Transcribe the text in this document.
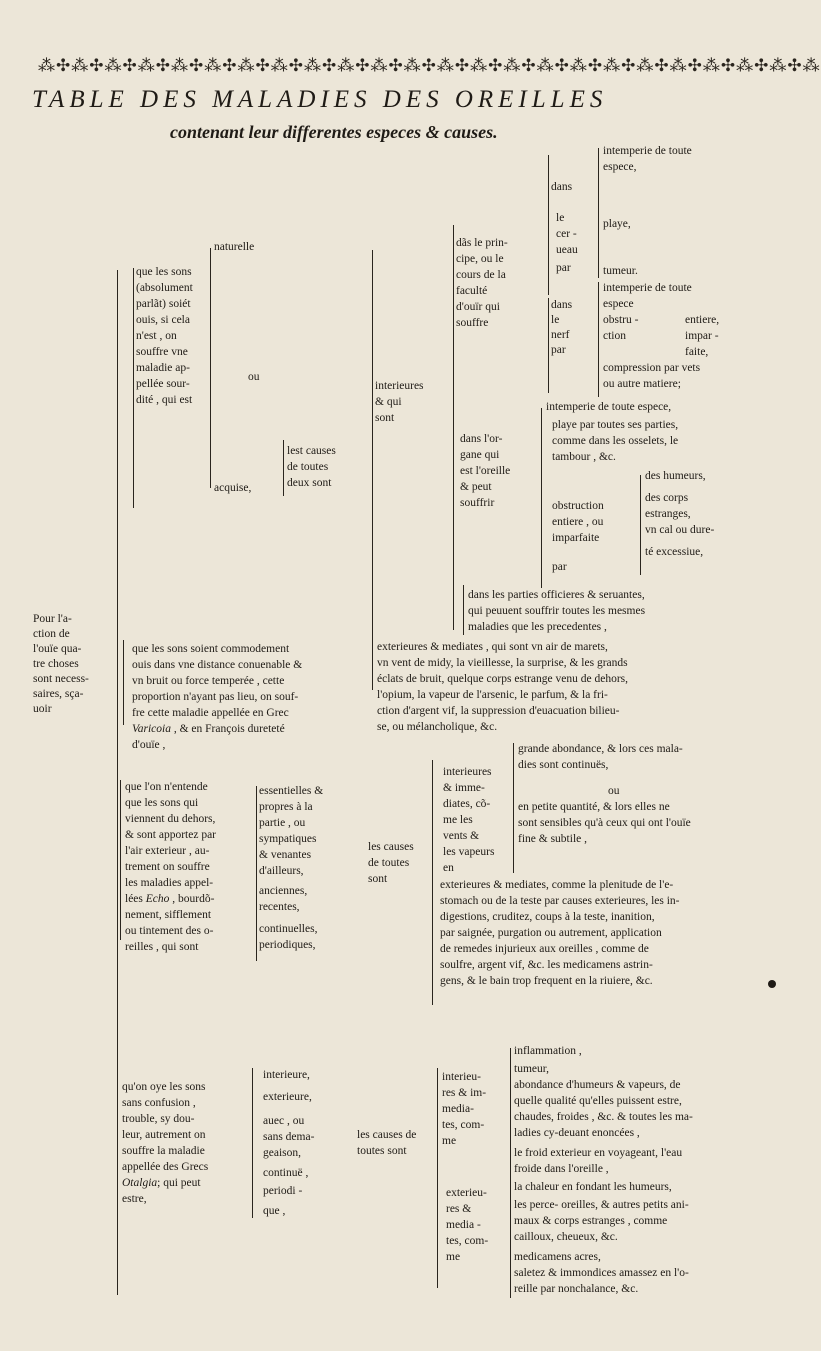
⁂✣⁂✣⁂✣⁂✣⁂✣⁂✣⁂✣⁂✣⁂✣⁂✣⁂✣⁂✣⁂✣⁂✣⁂✣⁂✣⁂✣⁂✣⁂✣⁂✣⁂✣⁂✣⁂✣⁂
TABLE DES MALADIES DES OREILLES
contenant leur differentes especes & causes.
Pour l'a-
ction de
l'ouïe qua-
tre choses
sont necess-
saires, sça-
uoir
que les sons
(absolument
parlãt) soiét
ouis, si cela
n'est , on
souffre vne
maladie ap-
pellée sour-
dité , qui est
naturelle
ou
acquise,
lest causes
de toutes
deux sont
interieures
& qui
sont
dãs le prin-
cipe, ou le
cours de la
faculté
d'ouïr qui
souffre
dans
le
cer -
ueau
par
intemperie de toute
espece,
playe,
tumeur.
dans
le
nerf
par
intemperie de toute
espece
obstru -
ction
entiere,
impar -
faite,
compression par vets
ou autre matiere;
dans l'or-
gane qui
est l'oreille
& peut
souffrir
intemperie de toute espece,
playe par toutes ses parties,
comme dans les osselets, le
tambour , &c.
obstruction
entiere , ou
imparfaite
par
des humeurs,
des corps
estranges,
vn cal ou dure-
té excessiue,
dans les parties officieres & seruantes,
qui peuuent souffrir toutes les mesmes
maladies que les precedentes ,
exterieures & mediates , qui sont vn air de marets,
vn vent de midy, la vieillesse, la surprise, & les grands
éclats de bruit, quelque corps estrange venu de dehors,
l'opium, la vapeur de l'arsenic, le parfum, & la fri-
ction d'argent vif, la suppression d'euacuation bilieu-
se, ou mélancholique, &c.
que les sons soient commodement
ouis dans vne distance conuenable &
vn bruit ou force temperée , cette
proportion n'ayant pas lieu, on souf-
fre cette maladie appellée en Grec
Varicoia , & en François dureteté
d'ouïe ,
que l'on n'entende
que les sons qui
viennent du dehors,
& sont apportez par
l'air exterieur , au-
trement on souffre
les maladies appel-
lées Echo , bourdõ-
nement, sifflement
ou tintement des o-
reilles , qui sont
essentielles &
propres à la
partie , ou
sympatiques
& venantes
d'ailleurs,
anciennes,
recentes,
continuelles,
periodiques,
les causes
de toutes
sont
interieures
& imme-
diates, cõ-
me les
vents &
les vapeurs
en
grande abondance, & lors ces mala-
dies sont continuës,
ou
en petite quantité, & lors elles ne
sont sensibles qu'à ceux qui ont l'ouïe
fine & subtile ,
exterieures & mediates, comme la plenitude de l'e-
stomach ou de la teste par causes exterieures, les in-
digestions, cruditez, coups à la teste, inanition,
par saignée, purgation ou autrement, application
de remedes injurieux aux oreilles , comme de
soulfre, argent vif, &c. les medicamens astrin-
gens, & le bain trop frequent en la riuiere, &c.
qu'on oye les sons
sans confusion ,
trouble, sy dou-
leur, autrement on
souffre la maladie
appellée des Grecs
Otalgia; qui peut
estre,
interieure,
exterieure,
auec , ou
sans dema-
geaison,
continuë ,
periodi -
que ,
les causes de
toutes sont
interieu-
res & im-
media-
tes, com-
me
inflammation ,
tumeur,
abondance d'humeurs & vapeurs, de
quelle qualité qu'elles puissent estre,
chaudes, froides , &c. & toutes les ma-
ladies cy-deuant enoncées ,
exterieu-
res &
media -
tes, com-
me
le froid exterieur en voyageant, l'eau
froide dans l'oreille ,
la chaleur en fondant les humeurs,
les perce- oreilles, & autres petits ani-
maux & corps estranges , comme
cailloux, cheueux, &c.
medicamens acres,
saletez & immondices amassez en l'o-
reille par nonchalance, &c.
